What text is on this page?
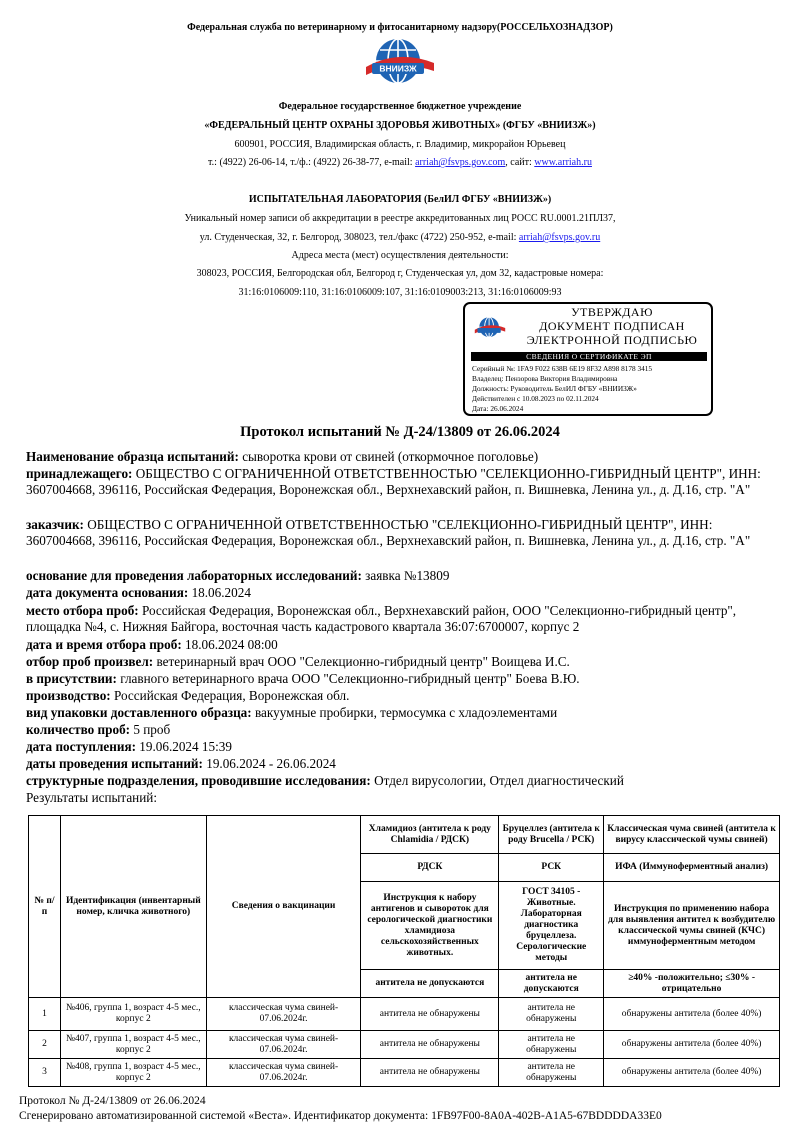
Федеральная служба по ветеринарному и фитосанитарному надзору(РОССЕЛЬХОЗНАДЗОР)
ВНИИЗЖ
Федеральное государственное бюджетное учреждение
«ФЕДЕРАЛЬНЫЙ ЦЕНТР ОХРАНЫ ЗДОРОВЬЯ ЖИВОТНЫХ» (ФГБУ «ВНИИЗЖ»)
600901, РОССИЯ, Владимирская область, г. Владимир, микрорайон Юрьевец
т.: (4922) 26-06-14, т./ф.: (4922) 26-38-77, e-mail: arriah@fsvps.gov.com, сайт: www.arriah.ru
ИСПЫТАТЕЛЬНАЯ ЛАБОРАТОРИЯ (БелИЛ ФГБУ «ВНИИЗЖ»)
Уникальный номер записи об аккредитации в реестре аккредитованных лиц РОСС RU.0001.21ПЛ37,
ул. Студенческая, 32, г. Белгород, 308023, тел./факс (4722) 250-952, e-mail: arriah@fsvps.gov.ru
Адреса места (мест) осуществления деятельности:
308023, РОССИЯ, Белгородская обл, Белгород г, Студенческая ул, дом 32, кадастровые номера:
31:16:0106009:110, 31:16:0106009:107, 31:16:0109003:213, 31:16:0106009:93
УТВЕРЖДАЮ
ДОКУМЕНТ ПОДПИСАН
ЭЛЕКТРОННОЙ ПОДПИСЬЮ
СВЕДЕНИЯ О СЕРТИФИКАТЕ ЭП
Серийный №: 1FA9 F022 638B 6E19 8F32 A898 8178 3415
Владелец: Пензорова Виктория Владимировна
Должность: Руководитель БелИЛ ФГБУ «ВНИИЗЖ»
Действителен с 10.08.2023 по 02.11.2024
Дата: 26.06.2024
Протокол испытаний № Д-24/13809 от 26.06.2024
Наименование образца испытаний: сыворотка крови от свиней (откормочное поголовье)
принадлежащего: ОБЩЕСТВО С ОГРАНИЧЕННОЙ ОТВЕТСТВЕННОСТЬЮ "СЕЛЕКЦИОННО-ГИБРИДНЫЙ ЦЕНТР", ИНН: 3607004668, 396116, Российская Федерация, Воронежская обл., Верхнехавский район, п. Вишневка, Ленина ул., д. Д.16, стр. "А"
заказчик: ОБЩЕСТВО С ОГРАНИЧЕННОЙ ОТВЕТСТВЕННОСТЬЮ "СЕЛЕКЦИОННО-ГИБРИДНЫЙ ЦЕНТР", ИНН: 3607004668, 396116, Российская Федерация, Воронежская обл., Верхнехавский район, п. Вишневка, Ленина ул., д. Д.16, стр. "А"
основание для проведения лабораторных исследований: заявка №13809
дата документа основания: 18.06.2024
место отбора проб: Российская Федерация, Воронежская обл., Верхнехавский район, ООО "Селекционно-гибридный центр", площадка №4, с. Нижняя Байгора, восточная часть кадастрового квартала 36:07:6700007, корпус 2
дата и время отбора проб: 18.06.2024 08:00
отбор проб произвел: ветеринарный врач ООО "Селекционно-гибридный центр" Воищева И.С.
в присутствии: главного ветеринарного врача ООО "Селекционно-гибридный центр" Боева В.Ю.
производство: Российская Федерация, Воронежская обл.
вид упаковки доставленного образца: вакуумные пробирки, термосумка с хладоэлементами
количество проб: 5 проб
дата поступления: 19.06.2024 15:39
даты проведения испытаний: 19.06.2024 - 26.06.2024
структурные подразделения, проводившие исследования: Отдел вирусологии, Отдел диагностический
Результаты испытаний:
№ п/п	Идентификация (инвентарный номер, кличка животного)	Сведения о вакцинации	Хламидиоз (антитела к роду Chlamidia / РДСК)	Бруцеллез (антитела к роду Brucella / РСК)	Классическая чума свиней (антитела к вирусу классической чумы свиней)
			РДСК	РСК	ИФА (Иммуноферментный анализ)
			Инструкция к набору антигенов и сывороток для серологической диагностики хламидиоза сельскохозяйственных животных.	ГОСТ 34105 - Животные. Лабораторная диагностика бруцеллеза. Серологические методы	Инструкция по применению набора для выявления антител к возбудителю классической чумы свиней (КЧС) иммуноферментным методом
			антитела не допускаются	антитела не допускаются	≥40% -положительно; ≤30% - отрицательно
1	№406, группа 1, возраст 4-5 мес., корпус 2	классическая чума свиней- 07.06.2024г.	антитела не обнаружены	антитела не обнаружены	обнаружены антитела (более 40%)
2	№407, группа 1, возраст 4-5 мес., корпус 2	классическая чума свиней- 07.06.2024г.	антитела не обнаружены	антитела не обнаружены	обнаружены антитела (более 40%)
3	№408, группа 1, возраст 4-5 мес., корпус 2	классическая чума свиней- 07.06.2024г.	антитела не обнаружены	антитела не обнаружены	обнаружены антитела (более 40%)
Протокол № Д-24/13809 от 26.06.2024
Сгенерировано автоматизированной системой «Веста». Идентификатор документа: 1FB97F00-8A0A-402B-A1A5-67BDDDDA33E0
